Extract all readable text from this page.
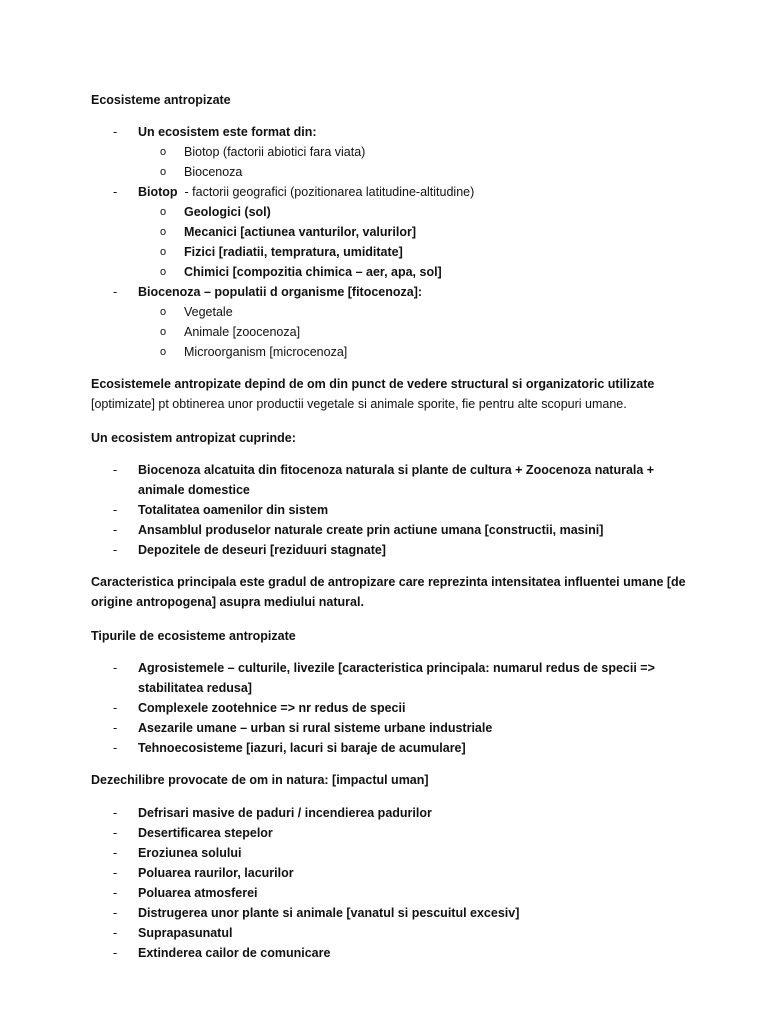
Ecosisteme antropizate
- Un ecosistem este format din:
o Biotop (factorii abiotici fara viata)
o Biocenoza
- Biotop - factorii geografici (pozitionarea latitudine-altitudine)
o Geologici (sol)
o Mecanici [actiunea vanturilor, valurilor]
o Fizici [radiatii, tempratura, umiditate]
o Chimici [compozitia chimica – aer, apa, sol]
- Biocenoza – populatii d organisme [fitocenoza]:
o Vegetale
o Animale [zoocenoza]
o Microorganism [microcenoza]
Ecosistemele antropizate depind de om din punct de vedere structural si organizatoric utilizate
[optimizate] pt obtinerea unor productii vegetale si animale sporite, fie pentru alte scopuri umane.
Un ecosistem antropizat cuprinde:
- Biocenoza alcatuita din fitocenoza naturala si plante de cultura + Zoocenoza naturala +
animale domestice
- Totalitatea oamenilor din sistem
- Ansamblul produselor naturale create prin actiune umana [constructii, masini]
- Depozitele de deseuri [reziduuri stagnate]
Caracteristica principala este gradul de antropizare care reprezinta intensitatea influentei umane [de
origine antropogena] asupra mediului natural.
Tipurile de ecosisteme antropizate
- Agrosistemele – culturile, livezile [caracteristica principala: numarul redus de specii =>
stabilitatea redusa]
- Complexele zootehnice => nr redus de specii
- Asezarile umane – urban si rural sisteme urbane industriale
- Tehnoecosisteme [iazuri, lacuri si baraje de acumulare]
Dezechilibre provocate de om in natura: [impactul uman]
- Defrisari masive de paduri / incendierea padurilor
- Desertificarea stepelor
- Eroziunea solului
- Poluarea raurilor, lacurilor
- Poluarea atmosferei
- Distrugerea unor plante si animale [vanatul si pescuitul excesiv]
- Suprapasunatul
- Extinderea cailor de comunicare
